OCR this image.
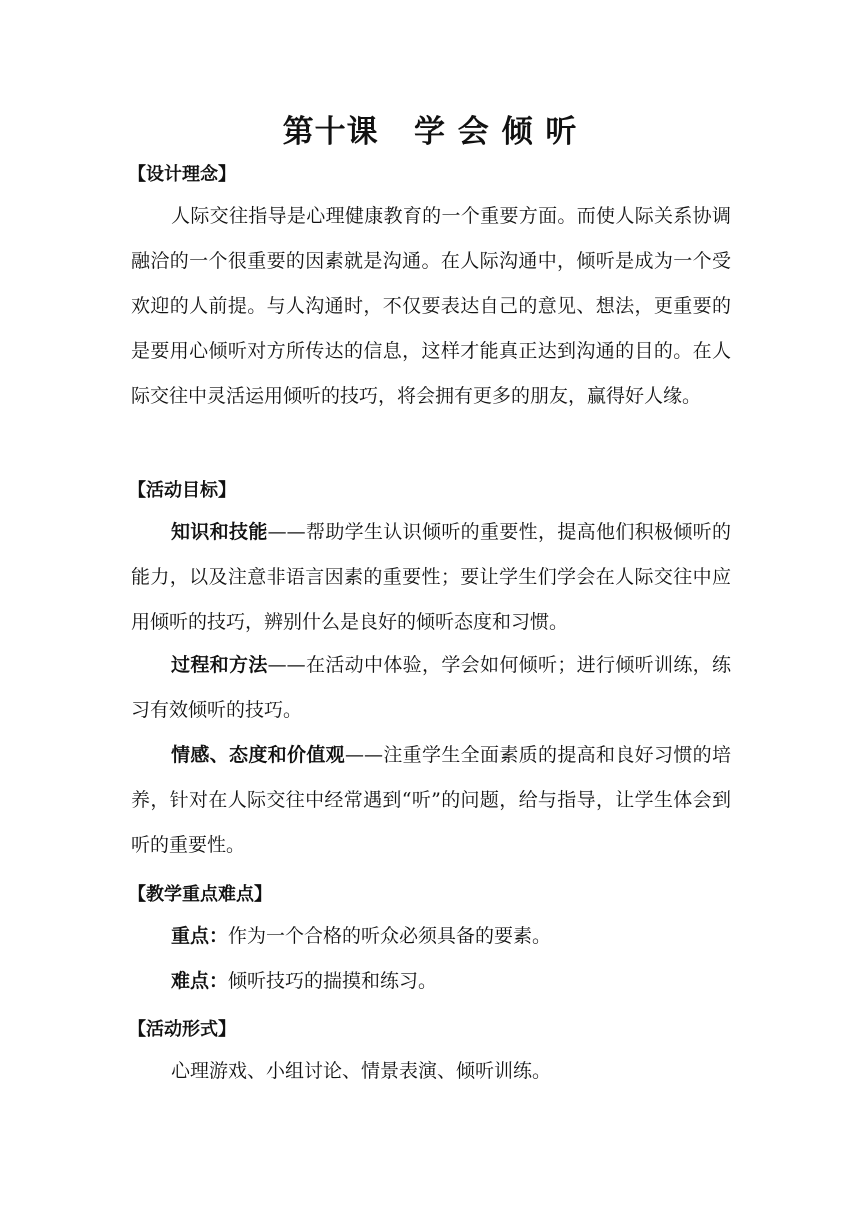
第十课   学 会 倾 听
【设计理念】
人际交往指导是心理健康教育的一个重要方面。而使人际关系协调融洽的一个很重要的因素就是沟通。在人际沟通中，倾听是成为一个受欢迎的人前提。与人沟通时，不仅要表达自己的意见、想法，更重要的是要用心倾听对方所传达的信息，这样才能真正达到沟通的目的。在人际交往中灵活运用倾听的技巧，将会拥有更多的朋友，赢得好人缘。
【活动目标】
知识和技能——帮助学生认识倾听的重要性，提高他们积极倾听的能力，以及注意非语言因素的重要性；要让学生们学会在人际交往中应用倾听的技巧，辨别什么是良好的倾听态度和习惯。
过程和方法——在活动中体验，学会如何倾听；进行倾听训练，练习有效倾听的技巧。
情感、态度和价值观——注重学生全面素质的提高和良好习惯的培养，针对在人际交往中经常遇到“听”的问题，给与指导，让学生体会到听的重要性。
【教学重点难点】
重点：作为一个合格的听众必须具备的要素。
难点：倾听技巧的揣摸和练习。
【活动形式】
心理游戏、小组讨论、情景表演、倾听训练。
